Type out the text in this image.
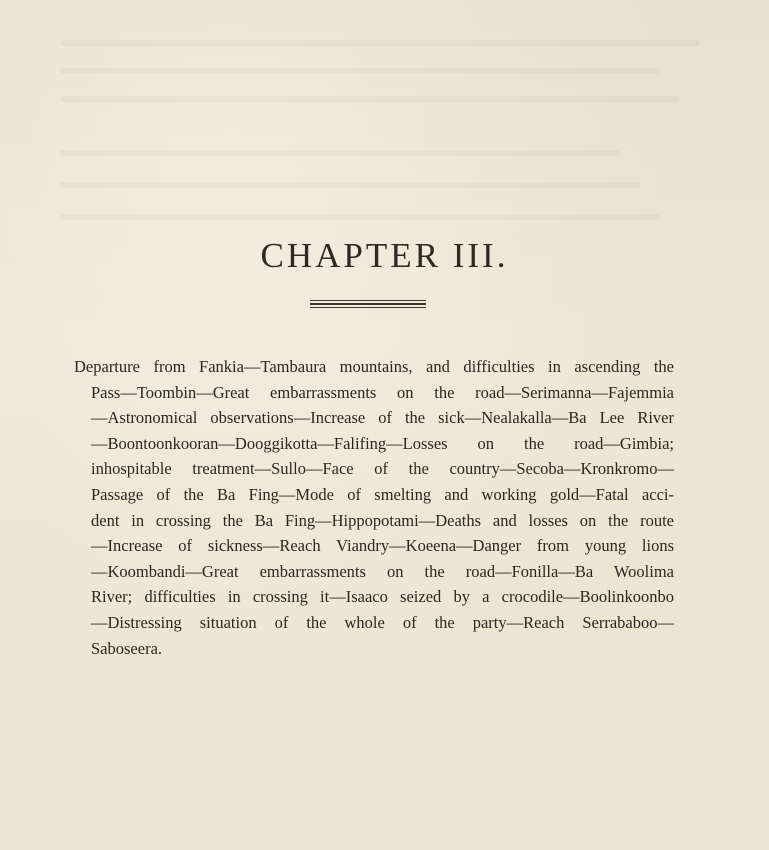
CHAPTER III.
Departure from Fankia—Tambaura mountains, and difficulties in ascending the
Pass—Toombin—Great embarrassments on the road—Serimanna—Fajemmia
—Astronomical observations—Increase of the sick—Nealakalla—Ba Lee River
—Boontoonkooran—Dooggikotta—Falifing—Losses on the road—Gimbia;
inhospitable treatment—Sullo—Face of the country—Secoba—Kronkromo—
Passage of the Ba Fing—Mode of smelting and working gold—Fatal acci-
dent in crossing the Ba Fing—Hippopotami—Deaths and losses on the route
—Increase of sickness—Reach Viandry—Koeena—Danger from young lions
—Koombandi—Great embarrassments on the road—Fonilla—Ba Woolima
River; difficulties in crossing it—Isaaco seized by a crocodile—Boolinkoonbo
—Distressing situation of the whole of the party—Reach Serrababoo—
Saboseera.
